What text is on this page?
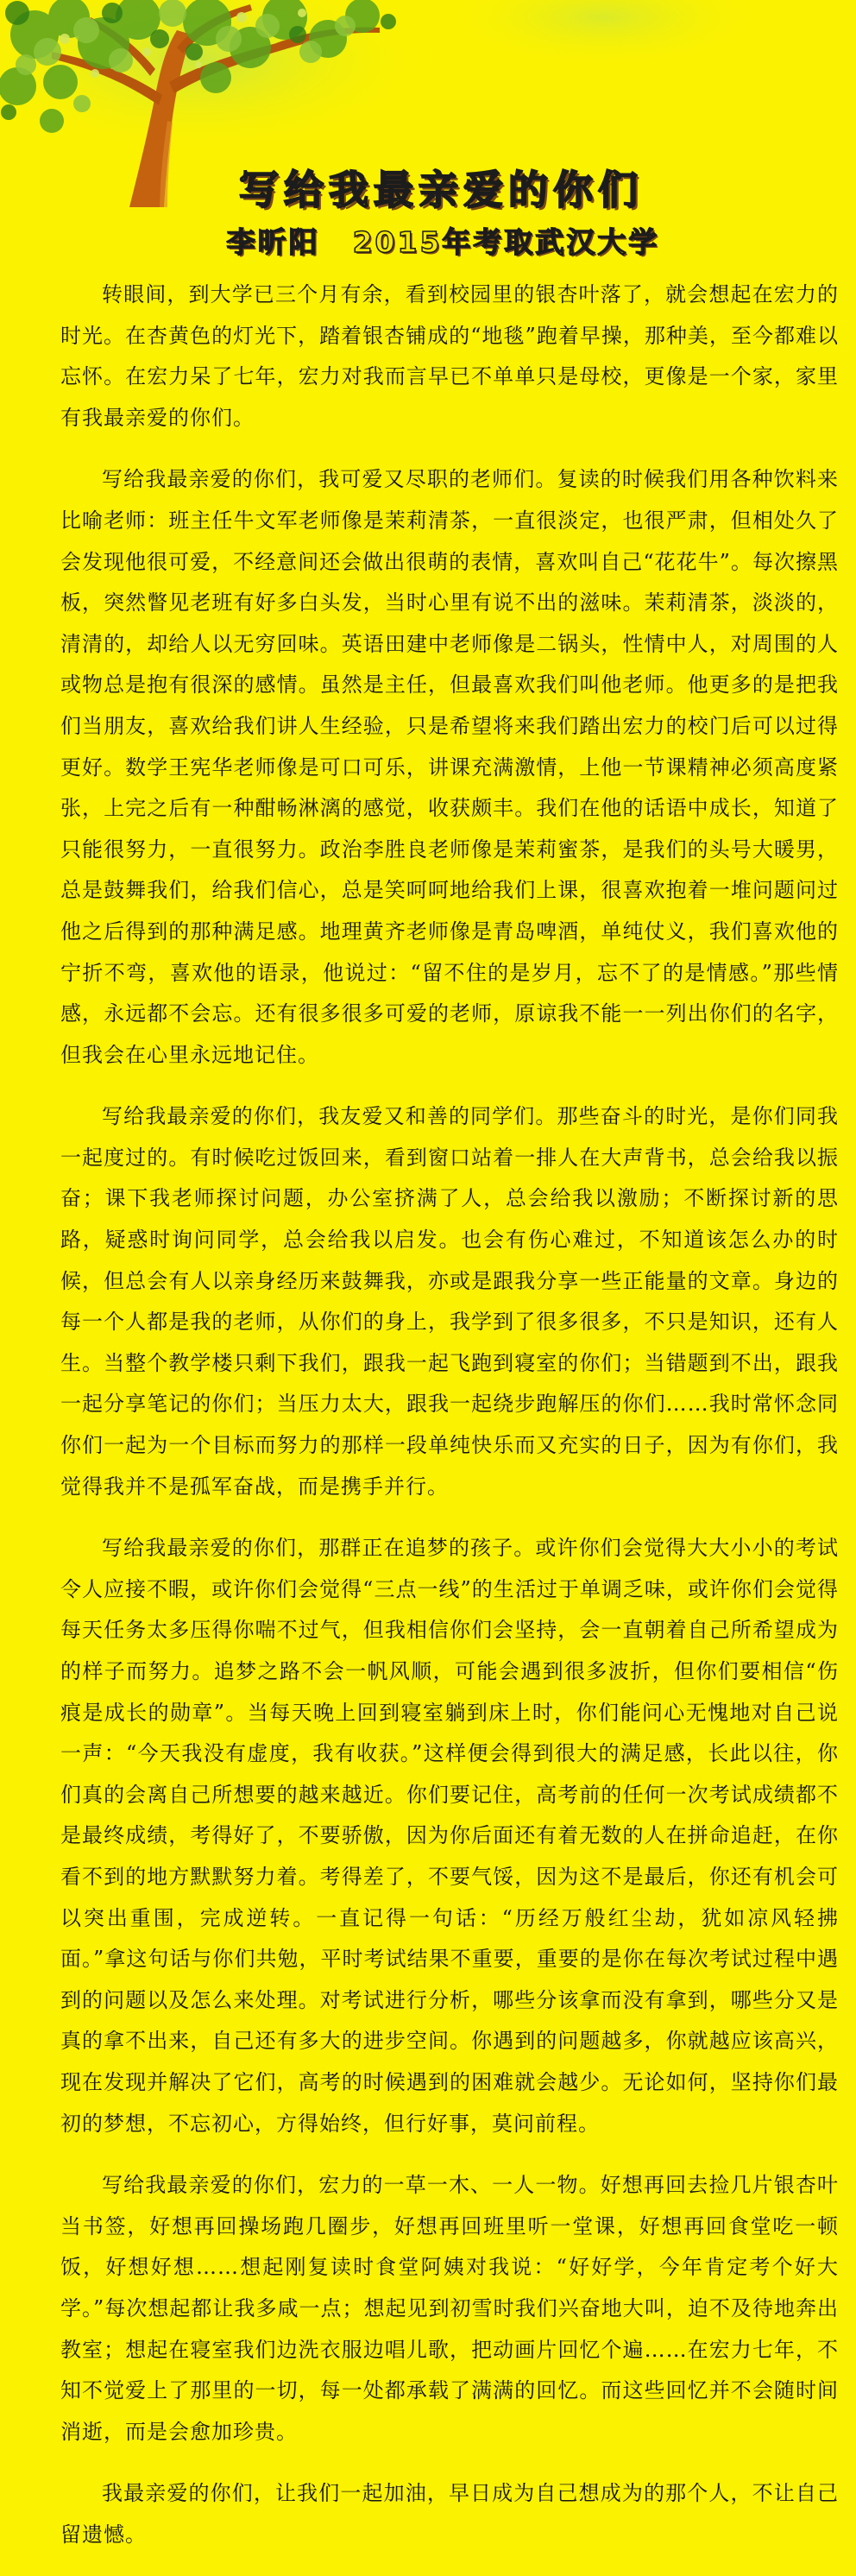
写给我最亲爱的你们
李昕阳 2015年考取武汉大学

转眼间，到大学已三个月有余，看到校园里的银杏叶落了，就会想起在宏力的时光。在杏黄色的灯光下，踏着银杏铺成的“地毯”跑着早操，那种美，至今都难以忘怀。在宏力呆了七年，宏力对我而言早已不单单只是母校，更像是一个家，家里有我最亲爱的你们。

写给我最亲爱的你们，我可爱又尽职的老师们。复读的时候我们用各种饮料来比喻老师：班主任牛文军老师像是茉莉清茶，一直很淡定，也很严肃，但相处久了会发现他很可爱，不经意间还会做出很萌的表情，喜欢叫自己“花花牛”。每次擦黑板，突然瞥见老班有好多白头发，当时心里有说不出的滋味。茉莉清茶，淡淡的，清清的，却给人以无穷回味。英语田建中老师像是二锅头，性情中人，对周围的人或物总是抱有很深的感情。虽然是主任，但最喜欢我们叫他老师。他更多的是把我们当朋友，喜欢给我们讲人生经验，只是希望将来我们踏出宏力的校门后可以过得更好。数学王宪华老师像是可口可乐，讲课充满激情，上他一节课精神必须高度紧张，上完之后有一种酣畅淋漓的感觉，收获颇丰。我们在他的话语中成长，知道了只能很努力，一直很努力。政治李胜良老师像是茉莉蜜茶，是我们的头号大暖男，总是鼓舞我们，给我们信心，总是笑呵呵地给我们上课，很喜欢抱着一堆问题问过他之后得到的那种满足感。地理黄齐老师像是青岛啤酒，单纯仗义，我们喜欢他的宁折不弯，喜欢他的语录，他说过：“留不住的是岁月，忘不了的是情感。”那些情感，永远都不会忘。还有很多很多可爱的老师，原谅我不能一一列出你们的名字，但我会在心里永远地记住。

写给我最亲爱的你们，我友爱又和善的同学们。那些奋斗的时光，是你们同我一起度过的。有时候吃过饭回来，看到窗口站着一排人在大声背书，总会给我以振奋；课下我老师探讨问题，办公室挤满了人，总会给我以激励；不断探讨新的思路，疑惑时询问同学，总会给我以启发。也会有伤心难过，不知道该怎么办的时候，但总会有人以亲身经历来鼓舞我，亦或是跟我分享一些正能量的文章。身边的每一个人都是我的老师，从你们的身上，我学到了很多很多，不只是知识，还有人生。当整个教学楼只剩下我们，跟我一起飞跑到寝室的你们；当错题到不出，跟我一起分享笔记的你们；当压力太大，跟我一起绕步跑解压的你们……我时常怀念同你们一起为一个目标而努力的那样一段单纯快乐而又充实的日子，因为有你们，我觉得我并不是孤军奋战，而是携手并行。

写给我最亲爱的你们，那群正在追梦的孩子。或许你们会觉得大大小小的考试令人应接不暇，或许你们会觉得“三点一线”的生活过于单调乏味，或许你们会觉得每天任务太多压得你喘不过气，但我相信你们会坚持，会一直朝着自己所希望成为的样子而努力。追梦之路不会一帆风顺，可能会遇到很多波折，但你们要相信“伤痕是成长的勋章”。当每天晚上回到寝室躺到床上时，你们能问心无愧地对自己说一声：“今天我没有虚度，我有收获。”这样便会得到很大的满足感，长此以往，你们真的会离自己所想要的越来越近。你们要记住，高考前的任何一次考试成绩都不是最终成绩，考得好了，不要骄傲，因为你后面还有着无数的人在拼命追赶，在你看不到的地方默默努力着。考得差了，不要气馁，因为这不是最后，你还有机会可以突出重围，完成逆转。一直记得一句话：“历经万般红尘劫，犹如凉风轻拂面。”拿这句话与你们共勉，平时考试结果不重要，重要的是你在每次考试过程中遇到的问题以及怎么来处理。对考试进行分析，哪些分该拿而没有拿到，哪些分又是真的拿不出来，自己还有多大的进步空间。你遇到的问题越多，你就越应该高兴，现在发现并解决了它们，高考的时候遇到的困难就会越少。无论如何，坚持你们最初的梦想，不忘初心，方得始终，但行好事，莫问前程。

写给我最亲爱的你们，宏力的一草一木、一人一物。好想再回去捡几片银杏叶当书签，好想再回操场跑几圈步，好想再回班里听一堂课，好想再回食堂吃一顿饭，好想好想……想起刚复读时食堂阿姨对我说：“好好学，今年肯定考个好大学。”每次想起都让我多咸一点；想起见到初雪时我们兴奋地大叫，迫不及待地奔出教室；想起在寝室我们边洗衣服边唱儿歌，把动画片回忆个遍……在宏力七年，不知不觉爱上了那里的一切，每一处都承载了满满的回忆。而这些回忆并不会随时间消逝，而是会愈加珍贵。

我最亲爱的你们，让我们一起加油，早日成为自己想成为的那个人，不让自己留遗憾。
